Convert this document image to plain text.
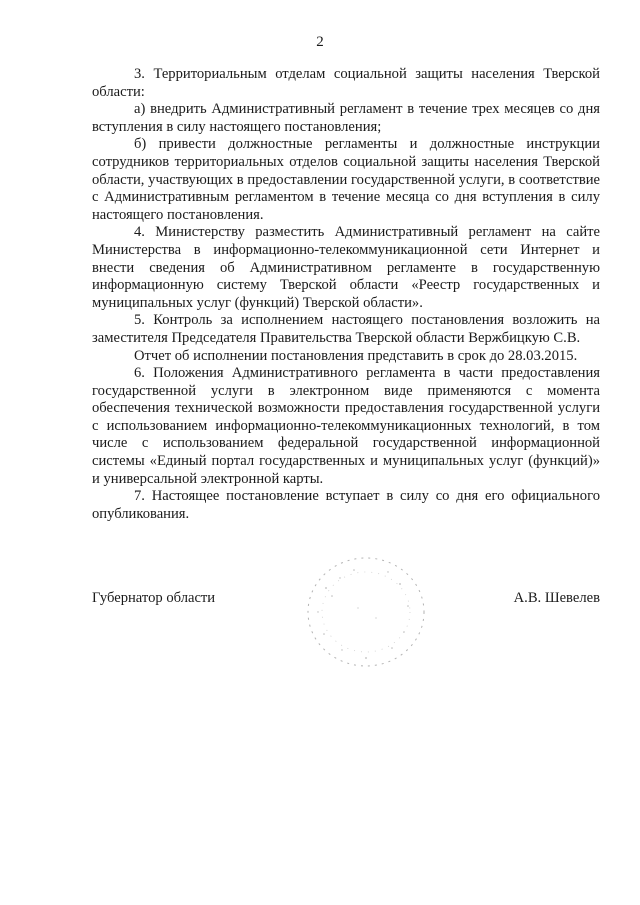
2

3. Территориальным отделам социальной защиты населения Тверской области:

а) внедрить Административный регламент в течение трех месяцев со дня вступления в силу настоящего постановления;

б) привести должностные регламенты и должностные инструкции сотрудников территориальных отделов социальной защиты населения Тверской области, участвующих в предоставлении государственной услуги, в соответствие с Административным регламентом в течение месяца со дня вступления в силу настоящего постановления.

4. Министерству разместить Административный регламент на сайте Министерства в информационно-телекоммуникационной сети Интернет и внести сведения об Административном регламенте в государственную информационную систему Тверской области «Реестр государственных и муниципальных услуг (функций) Тверской области».

5. Контроль за исполнением настоящего постановления возложить на заместителя Председателя Правительства Тверской области Вержбицкую С.В.

Отчет об исполнении постановления представить в срок до 28.03.2015.

6. Положения Административного регламента в части предоставления государственной услуги в электронном виде применяются с момента обеспечения технической возможности предоставления государственной услуги с использованием информационно-телекоммуникационных технологий, в том числе с использованием федеральной государственной информационной системы «Единый портал государственных и муниципальных услуг (функций)» и универсальной электронной карты.

7. Настоящее постановление вступает в силу со дня его официального опубликования.

Губернатор области	А.В. Шевелев
